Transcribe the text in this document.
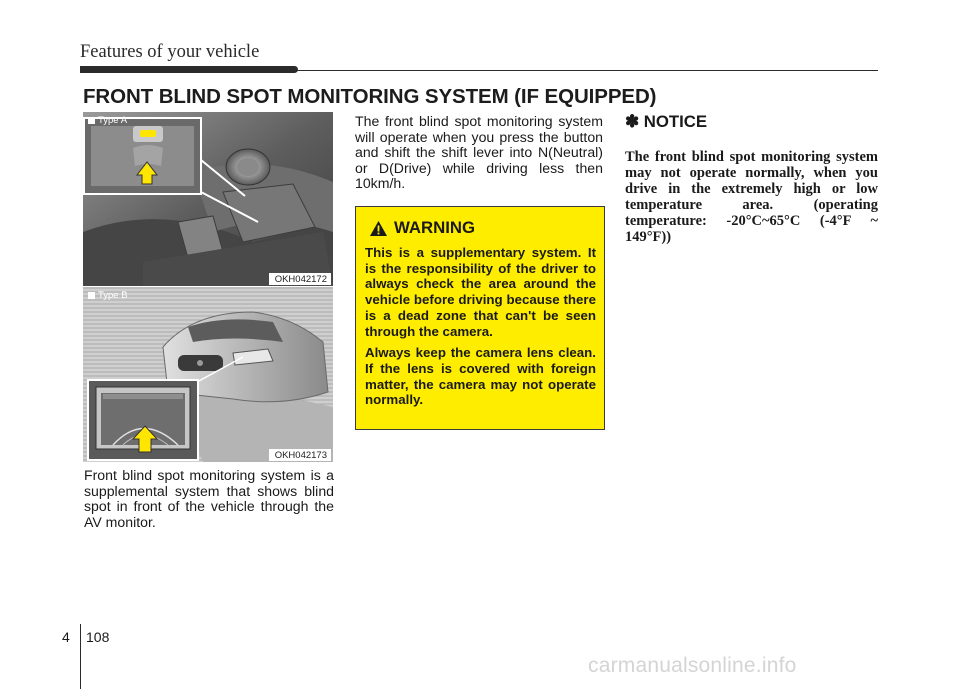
Features of your vehicle
FRONT BLIND SPOT MONITORING SYSTEM (IF EQUIPPED)
Type A
OKH042172
Type B
OKH042173

Front blind spot monitoring system is a supplemental system that shows blind spot in front of the vehicle through the AV monitor.

The front blind spot monitoring system will operate when you press the button and shift the shift lever into N(Neutral) or D(Drive) while driving less then 10km/h.

WARNING

This is a supplementary system. It is the responsibility of the driver to always check the area around the vehicle before driving because there is a dead zone that can't be seen through the camera.

Always keep the camera lens clean. If the lens is covered with foreign matter, the camera may not operate normally.

✽ NOTICE

The front blind spot monitoring system may not operate normally, when you drive in the extremely high or low temperature area. (operating temperature: -20°C~65°C (-4°F ~ 149°F))

4 108
carmanualsonline.info
